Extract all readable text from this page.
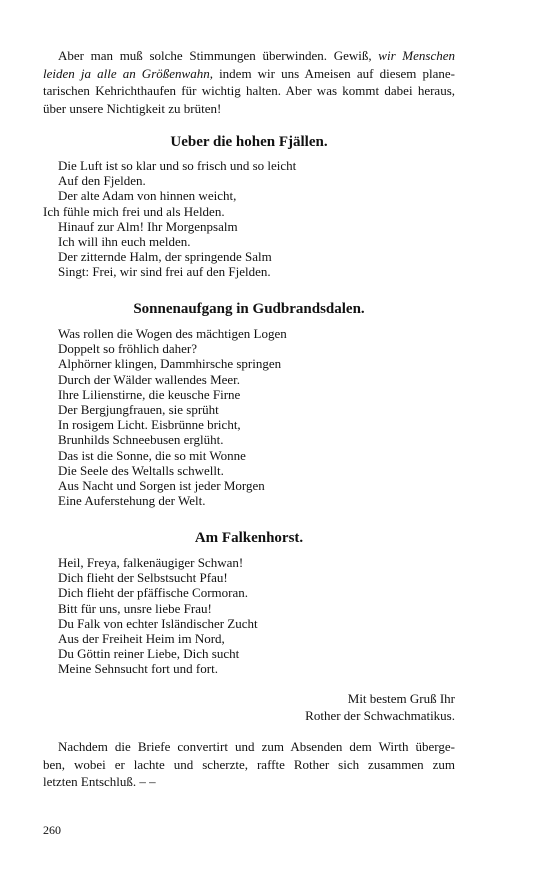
Aber man muß solche Stimmungen überwinden. Gewiß, wir Menschen
leiden ja alle an Größenwahn, indem wir uns Ameisen auf diesem plane-
tarischen Kehrichthaufen für wichtig halten. Aber was kommt dabei heraus,
über unsere Nichtigkeit zu brüten!

Ueber die hohen Fjällen.
Die Luft ist so klar und so frisch und so leicht
Auf den Fjelden.
Der alte Adam von hinnen weicht,
Ich fühle mich frei und als Helden.
Hinauf zur Alm! Ihr Morgenpsalm
Ich will ihn euch melden.
Der zitternde Halm, der springende Salm
Singt: Frei, wir sind frei auf den Fjelden.
Sonnenaufgang in Gudbrandsdalen.
Was rollen die Wogen des mächtigen Logen
Doppelt so fröhlich daher?
Alphörner klingen, Dammhirsche springen
Durch der Wälder wallendes Meer.
Ihre Lilienstirne, die keusche Firne
Der Bergjungfrauen, sie sprüht
In rosigem Licht. Eisbrünne bricht,
Brunhilds Schneebusen erglüht.
Das ist die Sonne, die so mit Wonne
Die Seele des Weltalls schwellt.
Aus Nacht und Sorgen ist jeder Morgen
Eine Auferstehung der Welt.
Am Falkenhorst.
Heil, Freya, falkenäugiger Schwan!
Dich flieht der Selbstsucht Pfau!
Dich flieht der pfäffische Cormoran.
Bitt für uns, unsre liebe Frau!
Du Falk von echter Isländischer Zucht
Aus der Freiheit Heim im Nord,
Du Göttin reiner Liebe, Dich sucht
Meine Sehnsucht fort und fort.
Mit bestem Gruß Ihr
Rother der Schwachmatikus.

Nachdem die Briefe convertirt und zum Absenden dem Wirth überge-
ben, wobei er lachte und scherzte, raffte Rother sich zusammen zum
letzten Entschluß. – –

260
